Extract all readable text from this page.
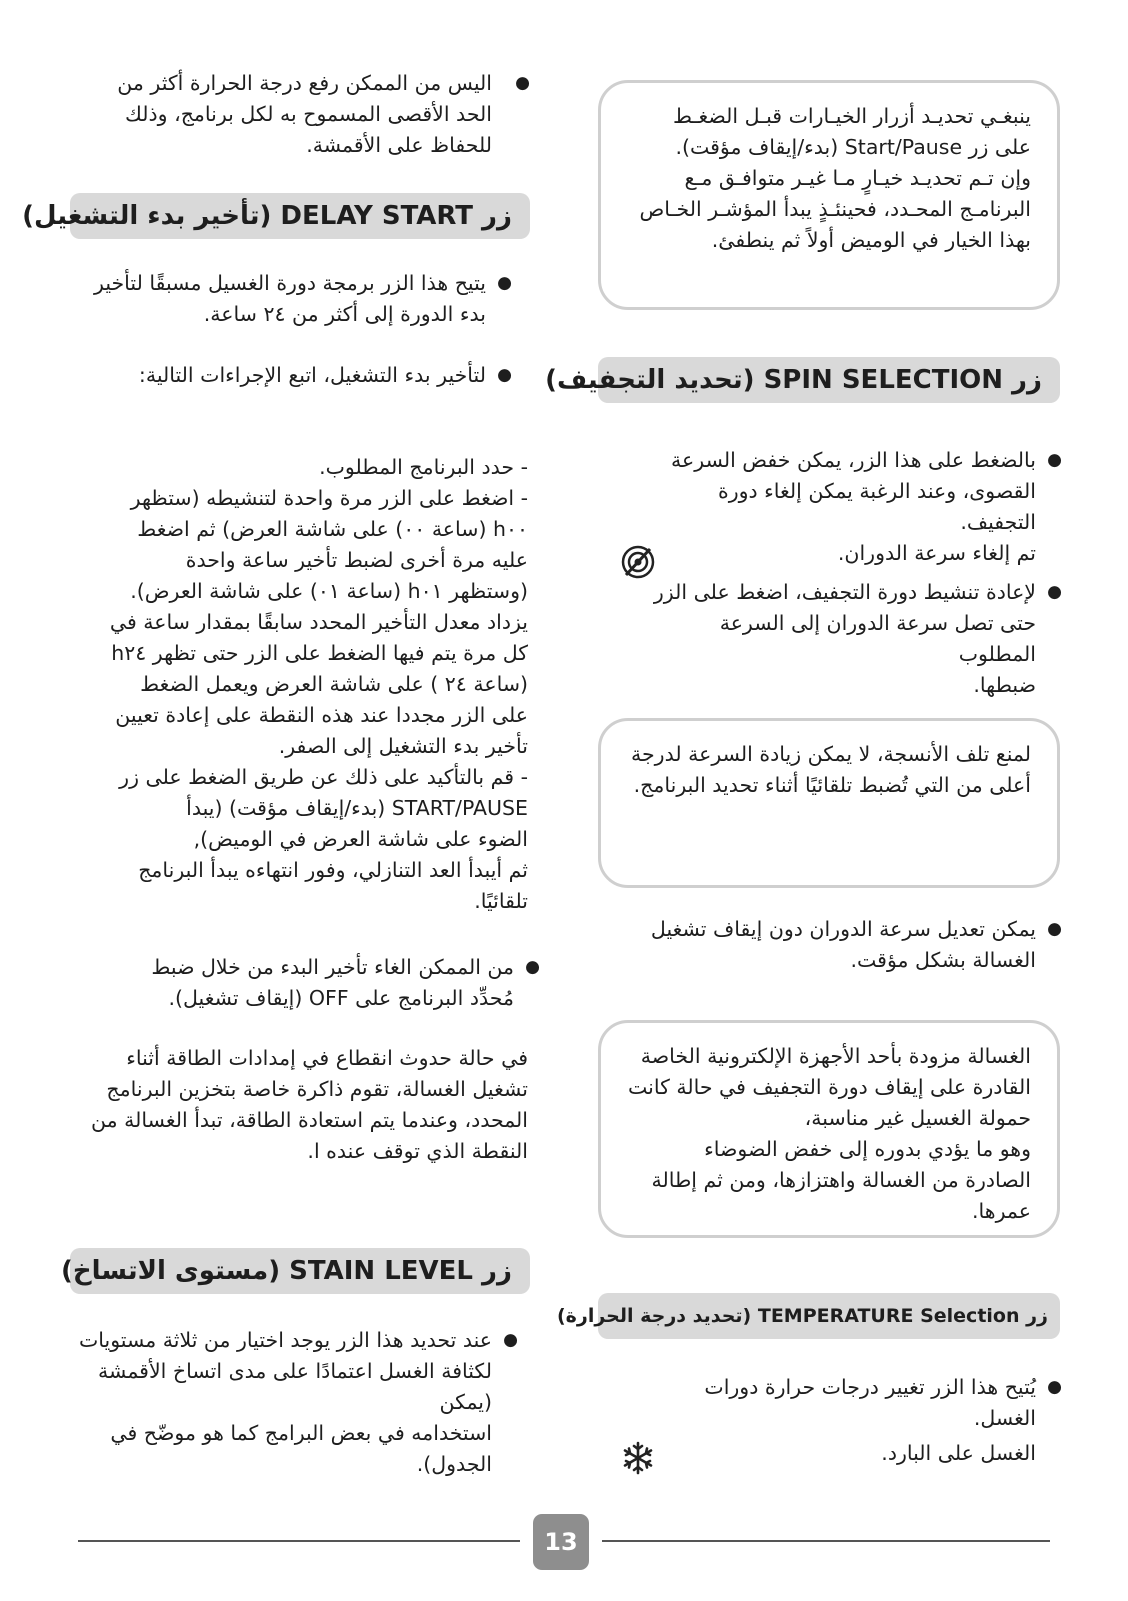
● الیس من الممکن رفع درجة الحرارة أكثر من
الحد الأقصى المسموح به لكل برنامج، وذلك
للحفاظ على الأقمشة.
زر DELAY START (تأخير بدء التشغيل)
● يتيح هذا الزر برمجة دورة الغسيل مسبقًا لتأخير
بدء الدورة إلى أكثر من ٢٤ ساعة.
● لتأخير بدء التشغيل، اتبع الإجراءات التالية:
- حدد البرنامج المطلوب.
- اضغط على الزر مرة واحدة لتنشيطه (ستظهر
h٠٠ (ساعة ٠٠) على شاشة العرض) ثم اضغط
عليه مرة أخرى لضبط تأخير ساعة واحدة
(وستظهر h٠١ (ساعة ٠١) على شاشة العرض).
يزداد معدل التأخير المحدد سابقًا بمقدار ساعة في
كل مرة يتم فيها الضغط على الزر حتى تظهر h٢٤
(ساعة ٢٤ ) على شاشة العرض ويعمل الضغط
على الزر مجددا عند هذه النقطة على إعادة تعيين
تأخير بدء التشغيل إلى الصفر.
- قم بالتأكيد على ذلك عن طريق الضغط على زر
START/PAUSE (بدء/إيقاف مؤقت) (يبدأ
الضوء على شاشة العرض في الوميض),
ثم أيبدأ العد التنازلي، وفور انتهاءه يبدأ البرنامج
تلقائيًا.
● من الممكن الغاء تأخير البدء من خلال ضبط
مُحدِّد البرنامج على OFF (إيقاف تشغيل).
في حالة حدوث انقطاع في إمدادات الطاقة أثناء
تشغيل الغسالة، تقوم ذاكرة خاصة بتخزين البرنامج
المحدد، وعندما يتم استعادة الطاقة، تبدأ الغسالة من
النقطة الذي توقف عنده ا.
زر STAIN LEVEL (مستوى الاتساخ)
● عند تحديد هذا الزر يوجد اختيار من ثلاثة مستويات
لكثافة الغسل اعتمادًا على مدى اتساخ الأقمشة (يمكن
استخدامه في بعض البرامج كما هو موضّح في
الجدول).
ينبغـي تحديـد أزرار الخيـارات قبـل الضغـط
على زر Start/Pause (بدء/إيقاف مؤقت).
وإن تـم تحديـد خيـارٍ مـا غيـر متوافـق مـع
البرنامـج المحـدد، فحينئـذٍ يبدأ المؤشـر الخـاص
بهذا الخيار في الوميض أولاً ثم ينطفئ.
زر SPIN SELECTION (تحديد التجفيف)
● بالضغط على هذا الزر، يمكن خفض السرعة
القصوى، وعند الرغبة يمكن إلغاء دورة
التجفيف.
تم إلغاء سرعة الدوران.
● لإعادة تنشيط دورة التجفيف، اضغط على الزر
حتى تصل سرعة الدوران إلى السرعة المطلوب
ضبطها.
لمنع تلف الأنسجة، لا يمكن زيادة السرعة لدرجة
أعلى من التي تُضبط تلقائيًا أثناء تحديد البرنامج.
● يمكن تعديل سرعة الدوران دون إيقاف تشغيل
الغسالة بشكل مؤقت.
الغسالة مزودة بأحد الأجهزة الإلكترونية الخاصة
القادرة على إيقاف دورة التجفيف في حالة كانت
حمولة الغسيل غير مناسبة،
وهو ما يؤدي بدوره إلى خفض الضوضاء
الصادرة من الغسالة واهتزازها، ومن ثم إطالة
عمرها.
زر TEMPERATURE Selection (تحديد درجة الحرارة)
● يُتيح هذا الزر تغيير درجات حرارة دورات
الغسل.
الغسل على البارد.
13
